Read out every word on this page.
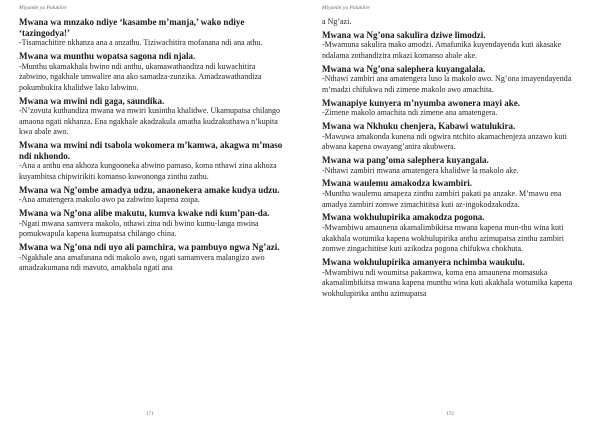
Miyambi ya Paluklire

Mwana wa mnzako ndiye ‘kasambe m’manja,’ wako ndiye ‘tazingodya!’

-Tisamachitire nkhanza ana a anzathu. Tiziwachitira mofanana ndi ana athu.

Mwana wa munthu wopatsa sagona ndi njala.

-Munthu ukamakhala bwino ndi anthu, ukamawathandiza ndi kuwachitira zabwino, ngakhale umwalire ana ako samadza-zunzika. Amadzawathandiza pokumbukira khalidwe lako labwino.

Mwana wa mwini ndi gaga, saundika.

-N’zovuta kuthandiza mwana wa mwiri kusintha khalidwe. Ukamupatsa chilango amaona ngati nkhanza. Ena ngakhale akadzakula amatha kudzakuthawa n’kupita kwa abale awo.

Mwana wa mwini ndi tsabola wokomera m’kamwa, akagwa m’maso ndi nkhondo.

-Ana a anthu ena akhoza kungoonekа abwino pamaso, koma nthawi zina akhoza kuyambitsa chipwirikiti komanso kuwonongа zinthu zathu.

Mwana wa Ng’ombe amadya udzu, anaonekera amake kudya udzu.

-Ana amatengera makolo awo pa zabwino kapena zoipa.

Mwana wa Ng’ona alibe makutu, kumva kwake ndi kum’pan-da.

-Ngati mwana samvera makolo, nthawi zina ndi bwino kumu-langa mwina pomukwapula kapena kumupatsa chilango china.

Mwana wa Ng’ona ndi uyo ali pamchira, wa pambuyo ngwa Ng’azi.

-Ngakhale ana amafanana ndi makolo awo, ngati samamvera malangizo awo amadzakumana ndi mavuto, amakhala ngati ana

171
Miyambi ya Paluklire

a Ng’azi.

Mwana wa Ng’ona sakulira dziwe limodzi.

-Mwamuna sakulira mako amodzi. Amafunika kuyendayenda kuti akasake ndalama zothandizira mkazi komanso abale ake.

Mwana wa Ng’ona salephera kuyangalala.

-Nthawi zambiri ana amatengera luso la makolo awo. Ng’ona imayendayenda m’madzi chifukwa ndi zimene makolo awo amachita.

Mwanapiye kunyera m’nyumba awonera mayi ake.

-Zimene makolo amachita ndi zimene ana amatengera.

Mwana wa Nkhuku chenjera, Kabawi watulukira.

-Mawuwa amakonda kunena ndi ogwira ntchito akamachenjeza anzawo kuti abwana kapena owayang’anira akubwera.

Mwana wa pang’oma salephera kuyangala.

-Nthawi zambiri mwana amatengera khalidwe la makolo ake.

Mwana waulemu amakodza kwambiri.

-Munthu waulemu amapeza zinthu zambiri pakati pa anzake. M’mawu ena amadya zambiri zomwe zimachititsa kuti az-ingokodzakodza.

Mwana wokhulupirika amakodza pogona.

-Mwambiwu amaunena akamalimbikitsa mwana kapena mun-thu wina kuti akakhala wotumika kapena wokhulupirika anthu azimupatsa zinthu zambiri zomwe zingachititse kuti azikodza pogona chifukwa chokhuta.

Mwana wokhulupirika amanyera nchimba waukulu.

-Mwambiwu ndi woumitsa pakamwa, koma ena amaunena momasuka akamalimbikitsa mwana kapena munthu wina kuti akakhala wotumika kapena wokhulupirika anthu azimupatsa

172
